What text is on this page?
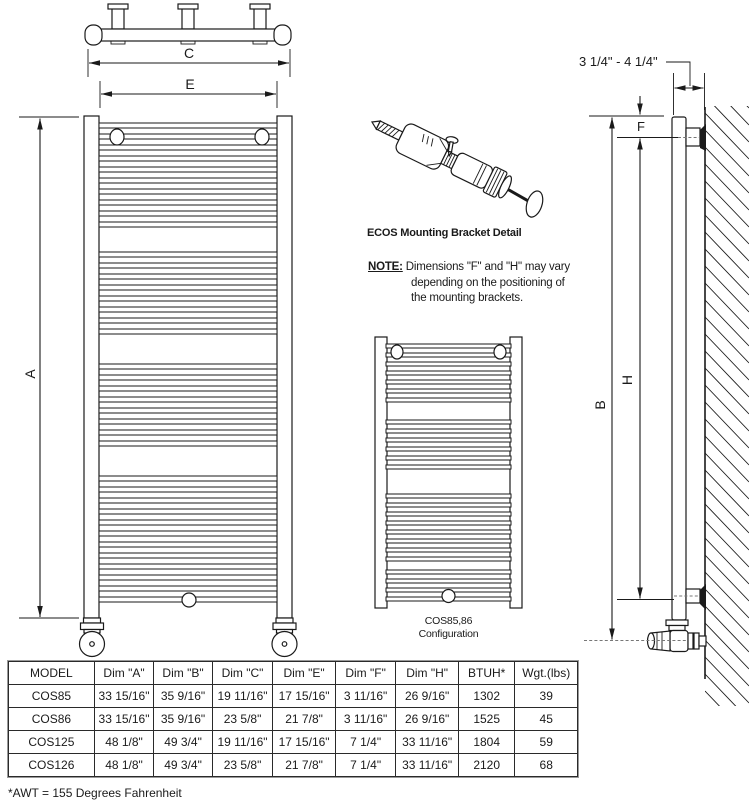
C
E
A
B
H
F
3 1/4" - 4 1/4"
ECOS Mounting Bracket Detail
NOTE: Dimensions "F" and "H" may vary depending on the positioning of the mounting brackets.
COS85,86
Configuration
MODEL	Dim "A"	Dim "B"	Dim "C"	Dim "E"	Dim "F"	Dim "H"	BTUH*	Wgt.(lbs)
COS85	33 15/16"	35 9/16"	19 11/16"	17 15/16"	3 11/16"	26 9/16"	1302	39
COS86	33 15/16"	35 9/16"	23 5/8"	21 7/8"	3 11/16"	26 9/16"	1525	45
COS125	48 1/8"	49 3/4"	19 11/16"	17 15/16"	7 1/4"	33 11/16"	1804	59
COS126	48 1/8"	49 3/4"	23 5/8"	21 7/8"	7 1/4"	33 11/16"	2120	68
*AWT = 155 Degrees Fahrenheit
